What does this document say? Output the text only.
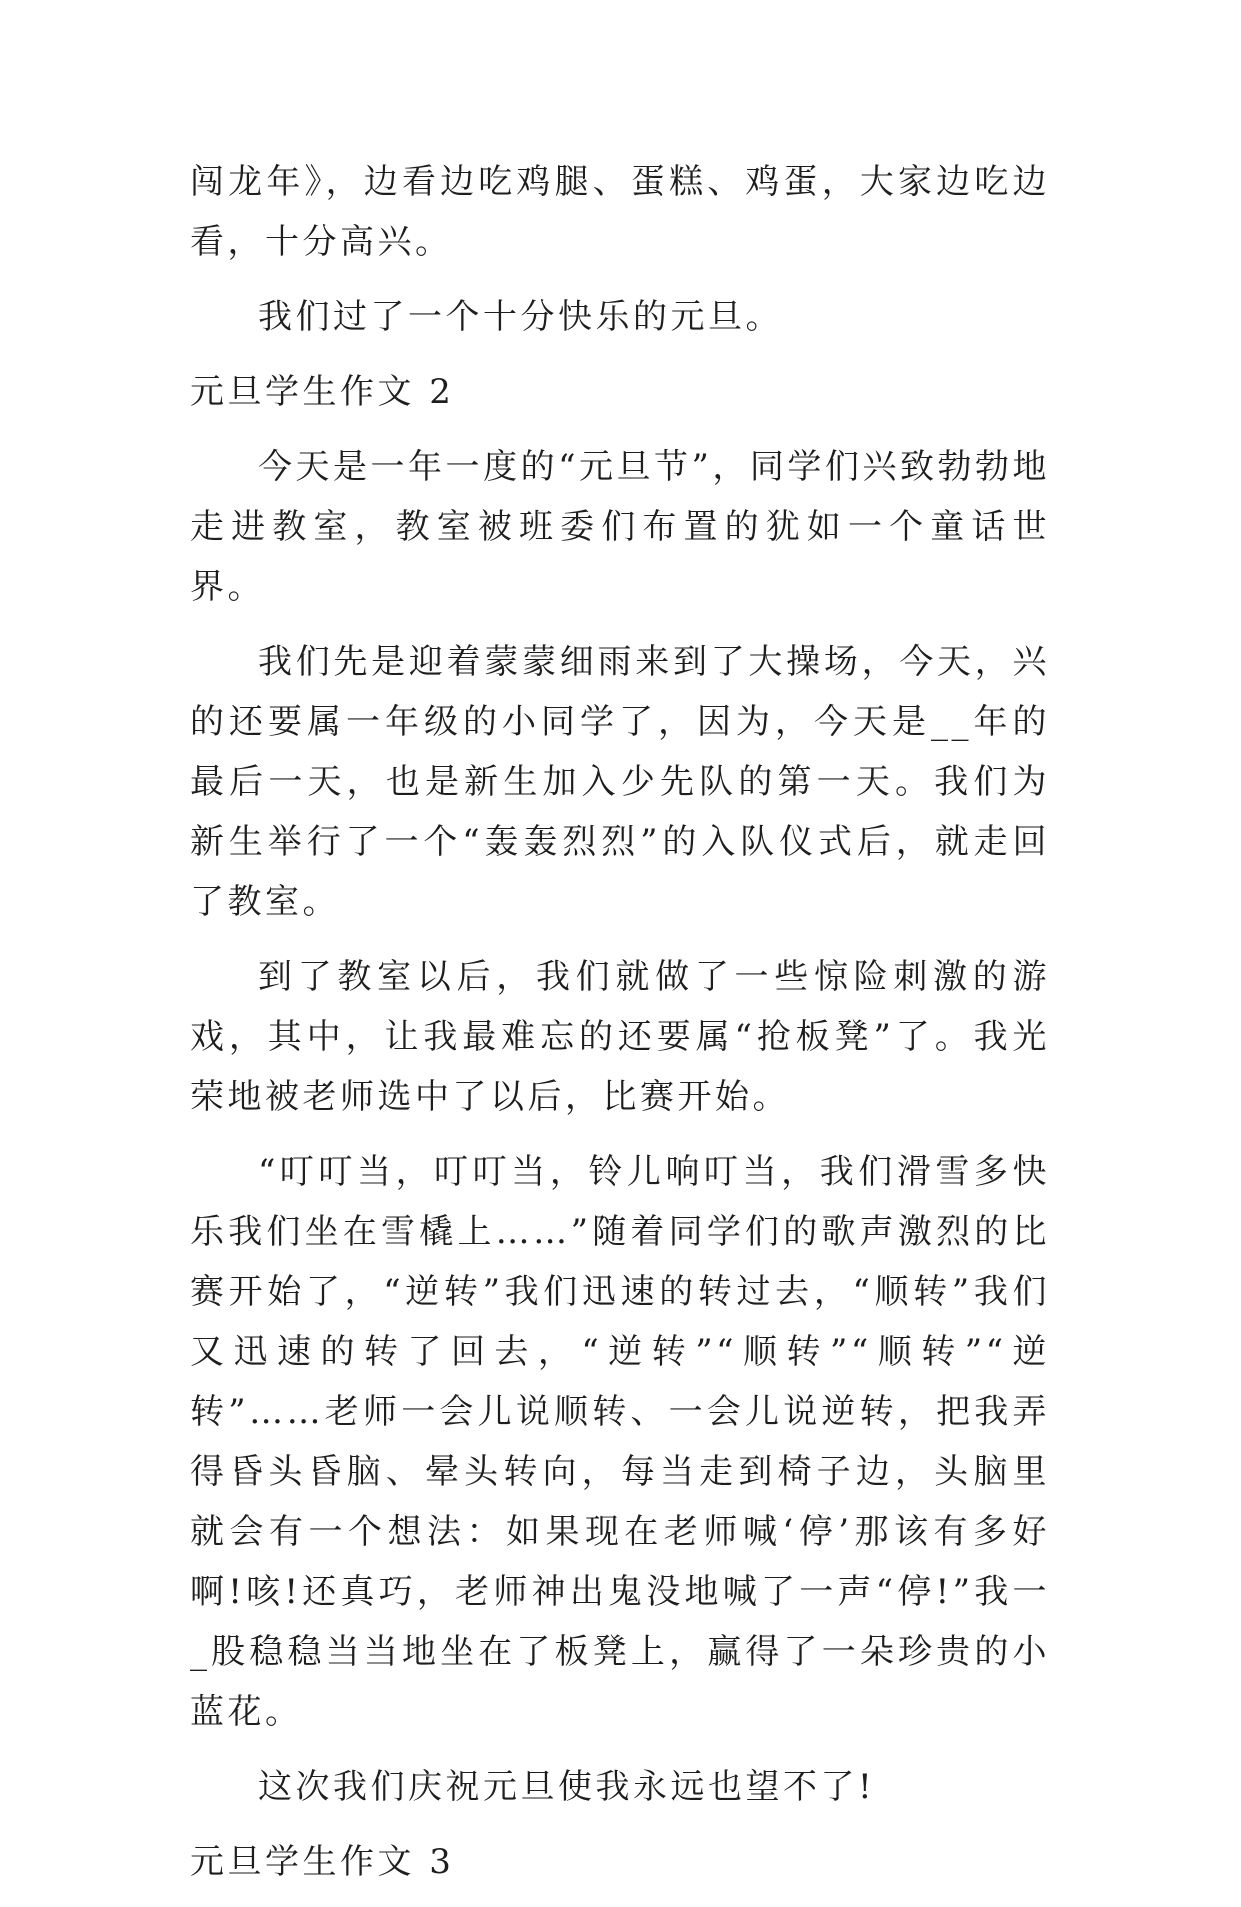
闯龙年》，边看边吃鸡腿、蛋糕、鸡蛋，大家边吃边看，十分高兴。

我们过了一个十分快乐的元旦。

元旦学生作文 2

今天是一年一度的“元旦节”，同学们兴致勃勃地走进教室，教室被班委们布置的犹如一个童话世界。

我们先是迎着蒙蒙细雨来到了大操场，今天，兴的还要属一年级的小同学了，因为，今天是__年的最后一天，也是新生加入少先队的第一天。我们为新生举行了一个“轰轰烈烈”的入队仪式后，就走回了教室。

到了教室以后，我们就做了一些惊险刺激的游戏，其中，让我最难忘的还要属“抢板凳”了。我光荣地被老师选中了以后，比赛开始。

“叮叮当，叮叮当，铃儿响叮当，我们滑雪多快乐我们坐在雪橇上……”随着同学们的歌声激烈的比赛开始了，“逆转”我们迅速的转过去，“顺转”我们又迅速的转了回去，“逆转”“顺转”“顺转”“逆转”……老师一会儿说顺转、一会儿说逆转，把我弄得昏头昏脑、晕头转向，每当走到椅子边，头脑里就会有一个想法：如果现在老师喊‘停’那该有多好啊!咳!还真巧，老师神出鬼没地喊了一声“停!”我一_股稳稳当当地坐在了板凳上，赢得了一朵珍贵的小蓝花。

这次我们庆祝元旦使我永远也望不了!

元旦学生作文 3
